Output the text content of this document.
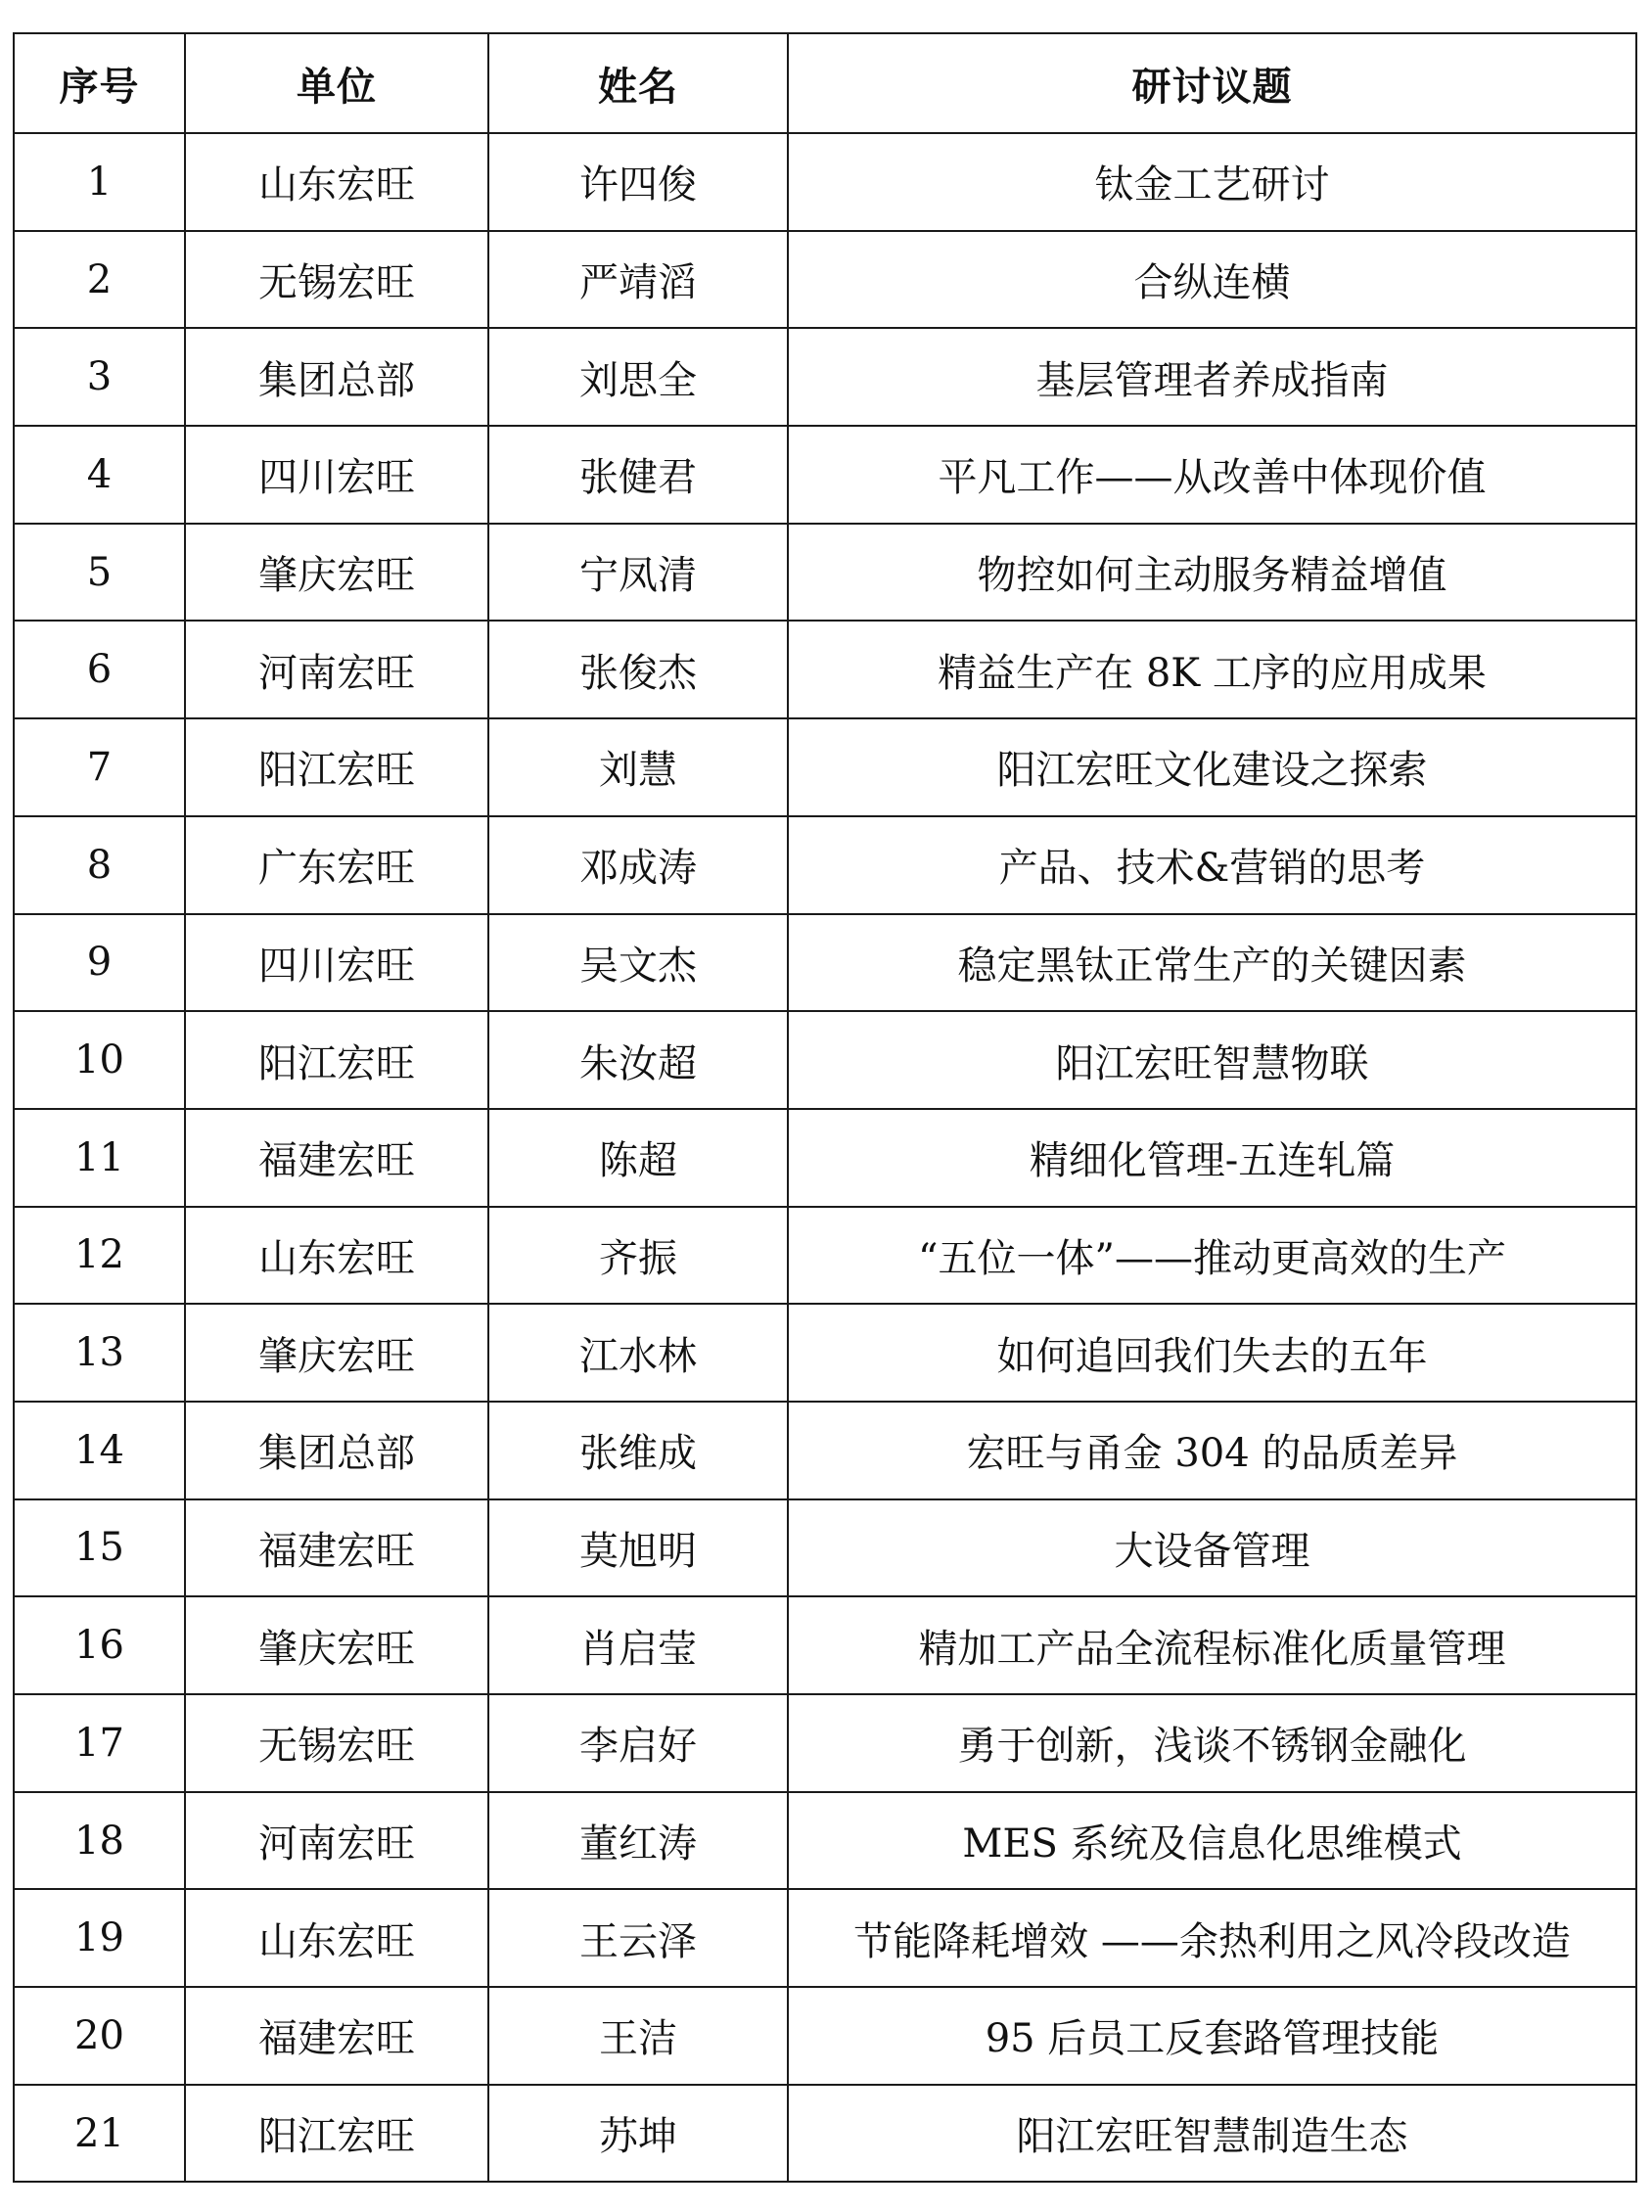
序号	单位	姓名	研讨议题
1	山东宏旺	许四俊	钛金工艺研讨
2	无锡宏旺	严靖滔	合纵连横
3	集团总部	刘思全	基层管理者养成指南
4	四川宏旺	张健君	平凡工作——从改善中体现价值
5	肇庆宏旺	宁凤清	物控如何主动服务精益增值
6	河南宏旺	张俊杰	精益生产在 8K 工序的应用成果
7	阳江宏旺	刘慧	阳江宏旺文化建设之探索
8	广东宏旺	邓成涛	产品、技术&营销的思考
9	四川宏旺	吴文杰	稳定黑钛正常生产的关键因素
10	阳江宏旺	朱汝超	阳江宏旺智慧物联
11	福建宏旺	陈超	精细化管理-五连轧篇
12	山东宏旺	齐振	“五位一体”——推动更高效的生产
13	肇庆宏旺	江水林	如何追回我们失去的五年
14	集团总部	张维成	宏旺与甬金 304 的品质差异
15	福建宏旺	莫旭明	大设备管理
16	肇庆宏旺	肖启莹	精加工产品全流程标准化质量管理
17	无锡宏旺	李启好	勇于创新，浅谈不锈钢金融化
18	河南宏旺	董红涛	MES 系统及信息化思维模式
19	山东宏旺	王云泽	节能降耗增效 ——余热利用之风冷段改造
20	福建宏旺	王洁	95 后员工反套路管理技能
21	阳江宏旺	苏坤	阳江宏旺智慧制造生态
